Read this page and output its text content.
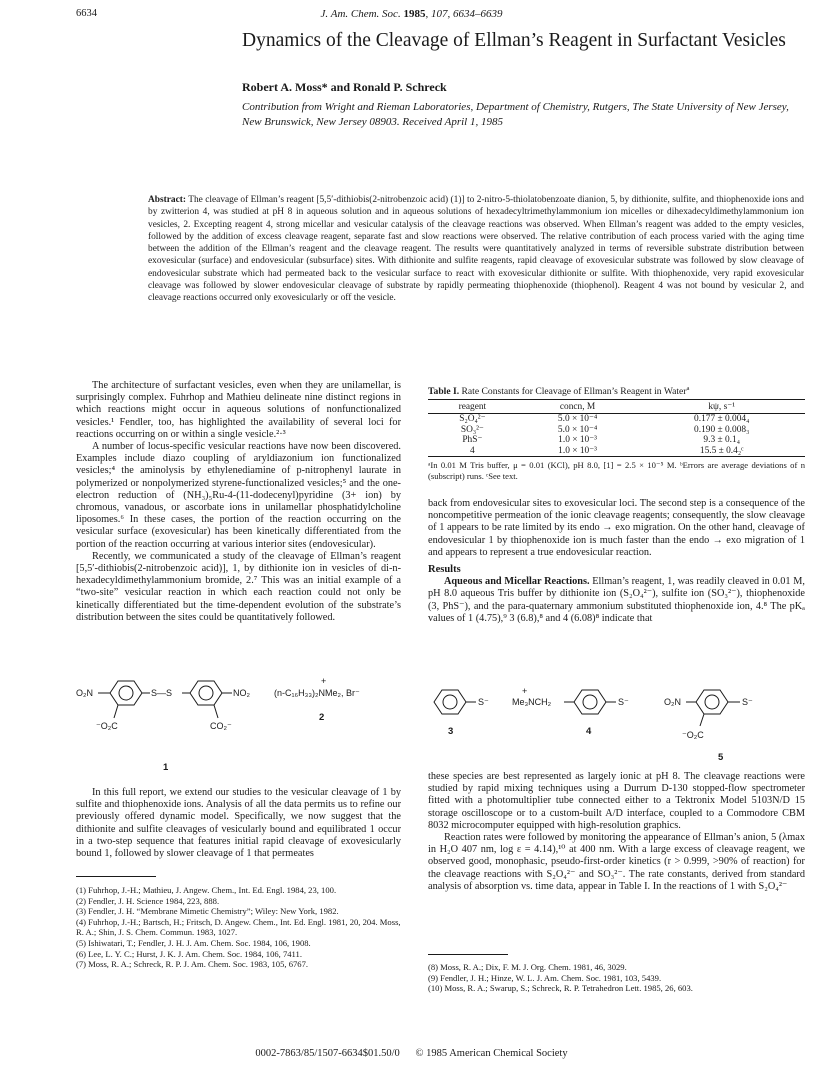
6634	J. Am. Chem. Soc. 1985, 107, 6634–6639
Dynamics of the Cleavage of Ellman’s Reagent in Surfactant Vesicles
Robert A. Moss* and Ronald P. Schreck
Contribution from Wright and Rieman Laboratories, Department of Chemistry, Rutgers, The State University of New Jersey, New Brunswick, New Jersey 08903. Received April 1, 1985
Abstract: The cleavage of Ellman’s reagent [5,5′-dithiobis(2-nitrobenzoic acid) (1)] to 2-nitro-5-thiolatobenzoate dianion, 5, by dithionite, sulfite, and thiophenoxide ions and by zwitterion 4, was studied at pH 8 in aqueous solution and in aqueous solutions of hexadecyltrimethylammonium ion micelles or dihexadecyldimethylammonium ion vesicles, 2. Excepting reagent 4, strong micellar and vesicular catalysis of the cleavage reactions was observed. When Ellman’s reagent was added to the empty vesicles, followed by the addition of excess cleavage reagent, separate fast and slow reactions were observed. The relative contribution of each process varied with the aging time between the addition of the Ellman’s reagent and the cleavage reagent. The results were quantitatively analyzed in terms of reversible substrate distribution between exovesicular (surface) and endovesicular (subsurface) sites. With dithionite and sulfite reagents, rapid cleavage of exovesicular substrate was followed by slow cleavage of endovesicular substrate which had permeated back to the vesicular surface to react with exovesicular dithionite or sulfite. With thiophenoxide, very rapid exovesicular cleavage was followed by slower endovesicular cleavage of substrate by rapidly permeating thiophenoxide (thiophenol). Reagent 4 was not bound by vesicular 2, and cleavage reactions occurred only exovesicularly or off the vesicle.

The architecture of surfactant vesicles, even when they are unilamellar, is surprisingly complex. Fuhrhop and Mathieu delineate nine distinct regions in which reactions might occur in aqueous solutions of nonfunctionalized vesicles.¹ Fendler, too, has highlighted the availability of several loci for reactions occurring on or within a single vesicle.²·³

A number of locus-specific vesicular reactions have now been discovered. Examples include diazo coupling of aryldiazonium ion functionalized vesicles;⁴ the aminolysis by ethylenediamine of p-nitrophenyl laurate in polymerized or nonpolymerized styrene-functionalized vesicles;⁵ and the one-electron reduction of (NH₃)₅Ru-4-(11-dodecenyl)pyridine (3+ ion) by chromous, vanadous, or ascorbate ions in unilamellar phosphatidylcholine liposomes.⁶ In these cases, the portion of the reaction occurring on the vesicular surface (exovesicular) has been kinetically differentiated from the portion of the reaction occurring at various interior sites (endovesicular).

Recently, we communicated a study of the cleavage of Ellman’s reagent [5,5′-dithiobis(2-nitrobenzoic acid)], 1, by dithionite ion in vesicles of di-n-hexadecyldimethylammonium bromide, 2.⁷ This was an initial example of a “two-site” vesicular reaction in which each reaction could not only be kinetically differentiated but the time-dependent evolution of the substrate’s distribution between the sites could be quantitatively followed.

O₂N	S—S	NO₂
⁻O₂C	CO₂⁻
1
+
(n-C₁₆H₃₃)₂NMe₂, Br⁻
2

In this full report, we extend our studies to the vesicular cleavage of 1 by sulfite and thiophenoxide ions. Analysis of all the data permits us to refine our previously offered dynamic model. Specifically, we now suggest that the dithionite and sulfite cleavages of vesicularly bound and equilibrated 1 occur in a two-step sequence that features initial rapid cleavage of exovesicularly bound 1, followed by slower cleavage of 1 that permeates

(1) Fuhrhop, J.-H.; Mathieu, J. Angew. Chem., Int. Ed. Engl. 1984, 23, 100.
(2) Fendler, J. H. Science 1984, 223, 888.
(3) Fendler, J. H. “Membrane Mimetic Chemistry”; Wiley: New York, 1982.
(4) Fuhrhop, J.-H.; Bartsch, H.; Fritsch, D. Angew. Chem., Int. Ed. Engl. 1981, 20, 204. Moss, R. A.; Shin, J. S. Chem. Commun. 1983, 1027.
(5) Ishiwatari, T.; Fendler, J. H. J. Am. Chem. Soc. 1984, 106, 1908.
(6) Lee, L. Y. C.; Hurst, J. K. J. Am. Chem. Soc. 1984, 106, 7411.
(7) Moss, R. A.; Schreck, R. P. J. Am. Chem. Soc. 1983, 105, 6767.
Table I. Rate Constants for Cleavage of Ellman’s Reagent in Water$^a$
reagent	concn, M	kψ, s⁻¹
S₂O₄²⁻	5.0 × 10⁻⁴	0.177 ± 0.004₄
SO₃²⁻	5.0 × 10⁻⁴	0.190 ± 0.008₃
PhS⁻	1.0 × 10⁻³	9.3 ± 0.1₄
4	1.0 × 10⁻³	15.5 ± 0.4₂ᶜ
ᵃIn 0.01 M Tris buffer, μ = 0.01 (KCl), pH 8.0, [1] = 2.5 × 10⁻⁵ M. ᵇErrors are average deviations of n (subscript) runs. ᶜSee text.

back from endovesicular sites to exovesicular loci. The second step is a consequence of the noncompetitive permeation of the ionic cleavage reagents; consequently, the slow cleavage of 1 appears to be rate limited by its endo → exo migration. On the other hand, cleavage of endovesicular 1 by thiophenoxide ion is much faster than the endo → exo migration of 1 and appears to represent a true endovesicular reaction.

Results

Aqueous and Micellar Reactions. Ellman’s reagent, 1, was readily cleaved in 0.01 M, pH 8.0 aqueous Tris buffer by dithionite ion (S₂O₄²⁻), sulfite ion (SO₃²⁻), thiophenoxide (3, PhS⁻), and the para-quaternary ammonium substituted thiophenoxide ion, 4.⁸ The pKₐ values of 1 (4.75),⁹ 3 (6.8),⁸ and 4 (6.08)⁸ indicate that

S⁻
3
+
Me₃NCH₂	S⁻
4
O₂N	S⁻
⁻O₂C
5

these species are best represented as largely ionic at pH 8. The cleavage reactions were studied by rapid mixing techniques using a Durrum D-130 stopped-flow spectrometer fitted with a photomultiplier tube connected either to a Tektronix Model 5103N/D 15 storage oscilloscope or to a custom-built A/D interface, coupled to a Commodore CBM 8032 microcomputer equipped with high-resolution graphics.

Reaction rates were followed by monitoring the appearance of Ellman’s anion, 5 (λmax in H₂O 407 nm, log ε = 4.14),¹⁰ at 400 nm. With a large excess of cleavage reagent, we observed good, monophasic, pseudo-first-order kinetics (r > 0.999, >90% of reaction) for the cleavage reactions with S₂O₄²⁻ and SO₃²⁻. The rate constants, derived from standard analysis of absorption vs. time data, appear in Table I. In the reactions of 1 with S₂O₄²⁻

(8) Moss, R. A.; Dix, F. M. J. Org. Chem. 1981, 46, 3029.
(9) Fendler, J. H.; Hinze, W. L. J. Am. Chem. Soc. 1981, 103, 5439.
(10) Moss, R. A.; Swarup, S.; Schreck, R. P. Tetrahedron Lett. 1985, 26, 603.
0002-7863/85/1507-6634$01.50/0 © 1985 American Chemical Society
